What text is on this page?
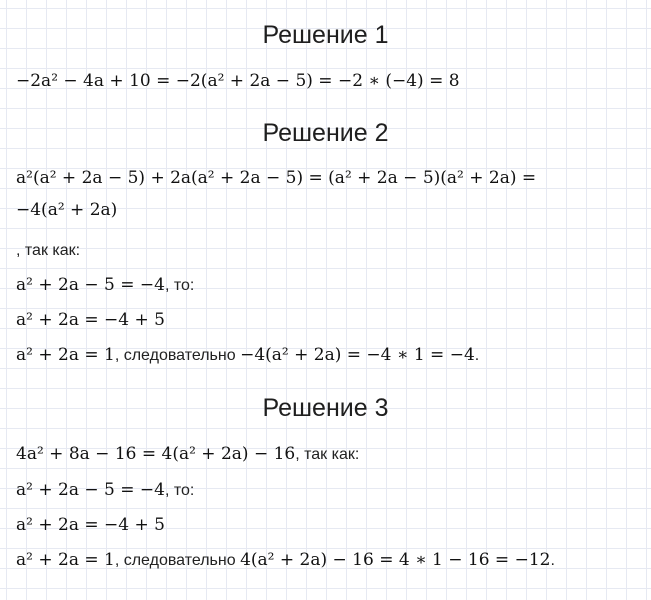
Решение 1
−2a² − 4a + 10 = −2(a² + 2a − 5) = −2 ∗ (−4) = 8
Решение 2
a²(a² + 2a − 5) + 2a(a² + 2a − 5) = (a² + 2a − 5)(a² + 2a) =
−4(a² + 2a)
, так как:
a² + 2a − 5 = −4, то:
a² + 2a = −4 + 5
a² + 2a = 1, следовательно −4(a² + 2a) = −4 ∗ 1 = −4.
Решение 3
4a² + 8a − 16 = 4(a² + 2a) − 16, так как:
a² + 2a − 5 = −4, то:
a² + 2a = −4 + 5
a² + 2a = 1, следовательно 4(a² + 2a) − 16 = 4 ∗ 1 − 16 = −12.
